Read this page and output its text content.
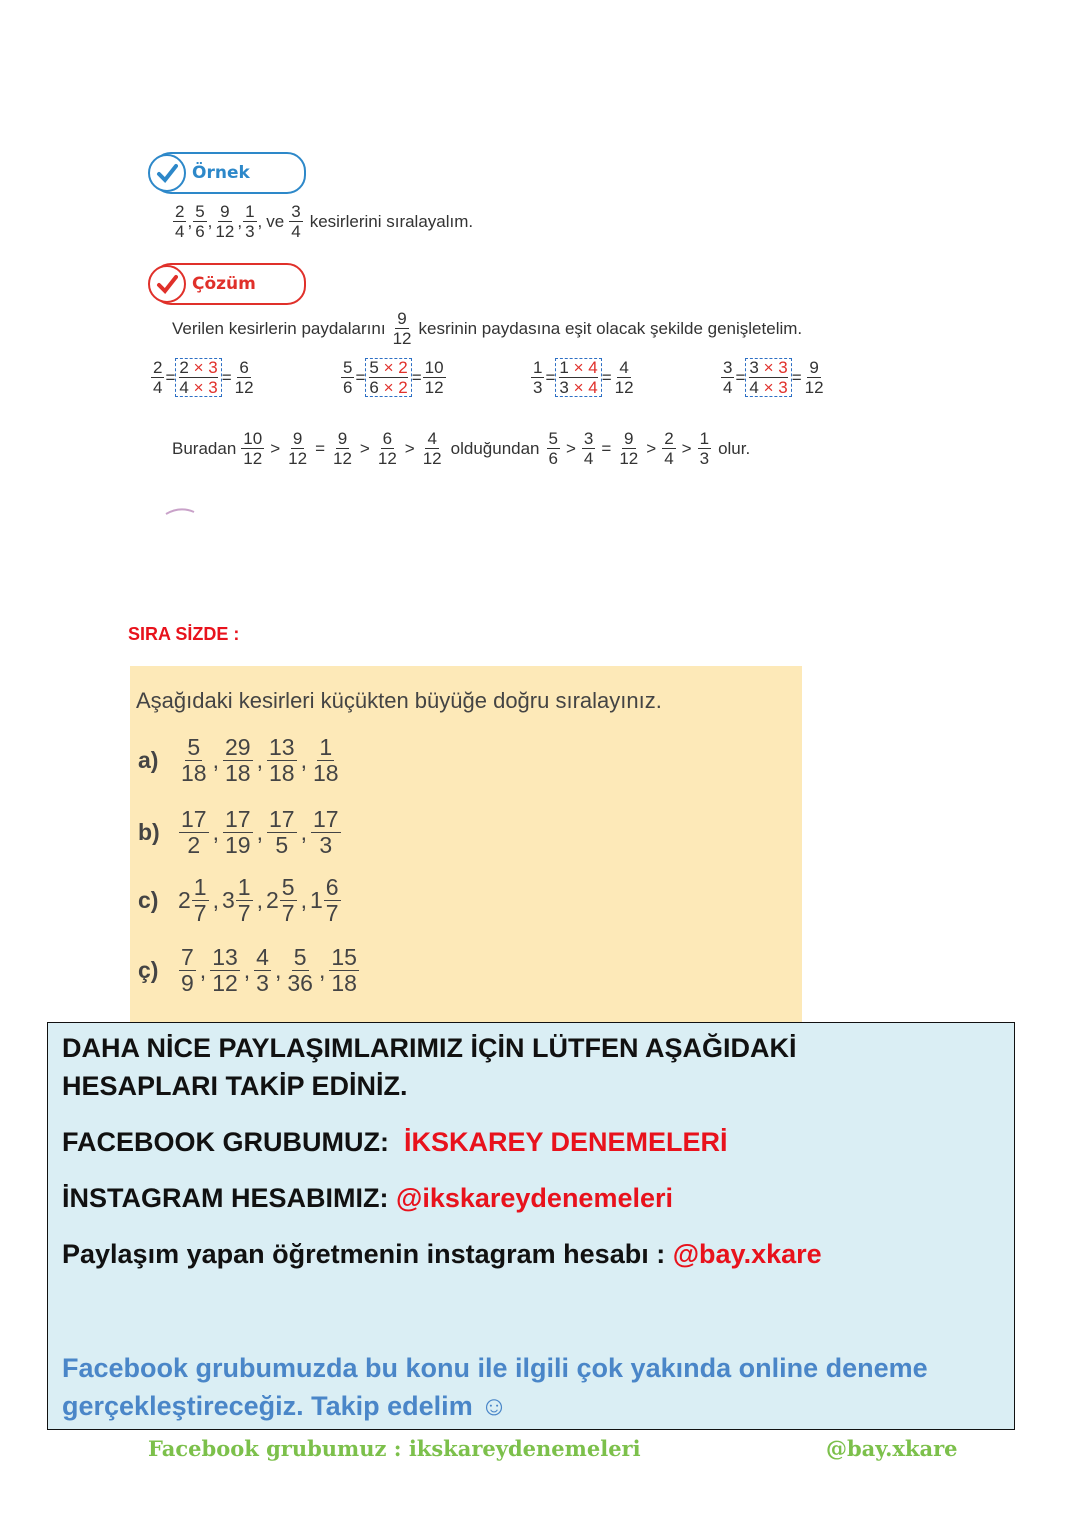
Örnek
$\frac{2}{4}$ , $\frac{5}{6}$ , $\frac{9}{12}$ , $\frac{1}{3}$ , ve $\frac{3}{4}$ kesirlerini sıralayalım.
Çözüm
Verilen kesirlerin paydalarını $\frac{9}{12}$ kesrinin paydasına eşit olacak şekilde genişletelim.
$\frac{2}{4} = \frac{2 \times 3}{4 \times 3} = \frac{6}{12}$	$\frac{5}{6} = \frac{5 \times 2}{6 \times 2} = \frac{10}{12}$	$\frac{1}{3} = \frac{1 \times 4}{3 \times 4} = \frac{4}{12}$	$\frac{3}{4} = \frac{3 \times 3}{4 \times 3} = \frac{9}{12}$
Buradan $\frac{10}{12} > \frac{9}{12} = \frac{9}{12} > \frac{6}{12} > \frac{4}{12}$ olduğundan $\frac{5}{6} > \frac{3}{4} = \frac{9}{12} > \frac{2}{4} > \frac{1}{3}$ olur.
SIRA SİZDE :
Aşağıdaki kesirleri küçükten büyüğe doğru sıralayınız.
$a) \frac{5}{18}$ , $\frac{29}{18}$ , $\frac{13}{18}$ , $\frac{1}{18}$
$b) \frac{17}{2}$ , $\frac{17}{19}$ , $\frac{17}{5}$ , $\frac{17}{3}$
c) $2 \frac{1}{7}$ , $3 \frac{1}{7}$ , $2 \frac{5}{7}$ , $1 \frac{6}{7}$
ç) $\frac{7}{9}$ , $\frac{13}{12}$ , $\frac{4}{3}$ , $\frac{5}{36}$ , $\frac{15}{18}$

DAHA NİCE PAYLAŞIMLARIMIZ İÇİN LÜTFEN AŞAĞIDAKİ

HESAPLARI TAKİP EDİNİZ.

FACEBOOK GRUBUMUZ: İKSKAREY DENEMELERİ

İNSTAGRAM HESABIMIZ: @ikskareydenemeleri

Paylaşım yapan öğretmenin instagram hesabı : @bay.xkare

Facebook grubumuzda bu konu ile ilgili çok yakında online deneme

gerçekleştireceğiz. Takip edelim ☺

Facebook grubumuz : ikskareydenemeleri	@bay.xkare
